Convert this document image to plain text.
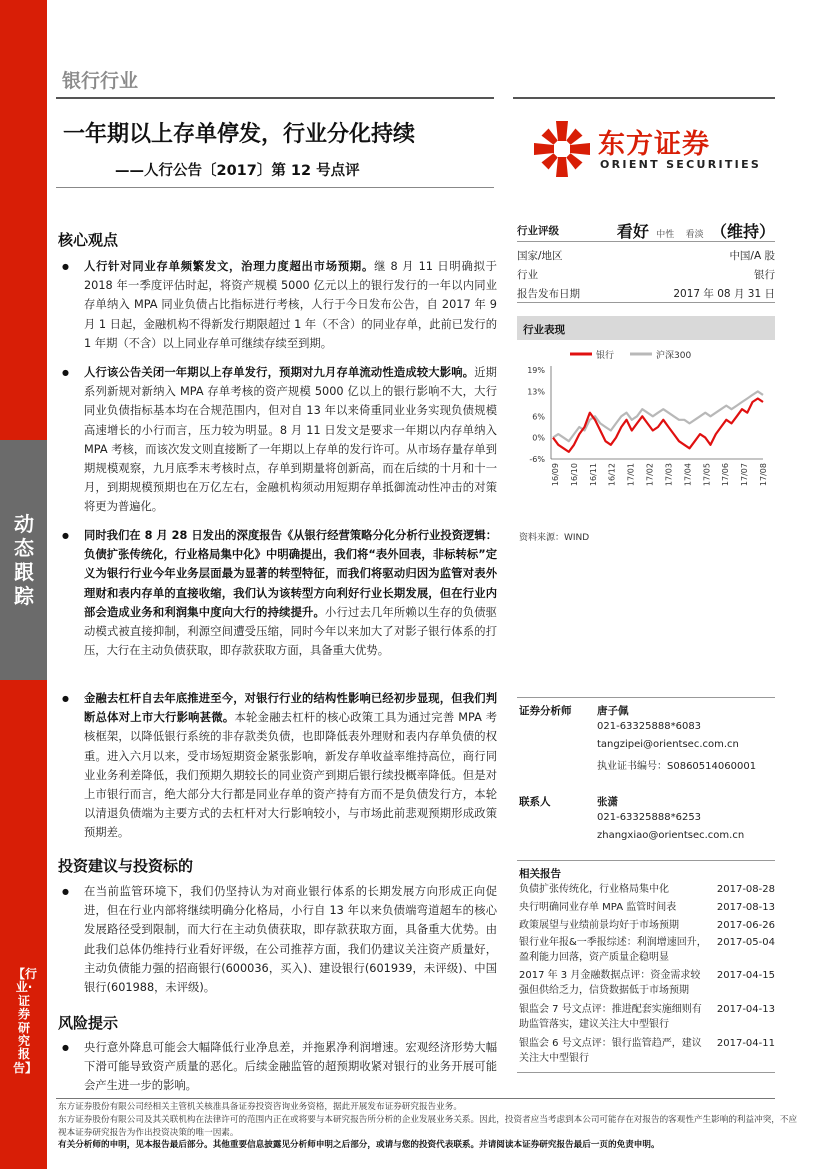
动态跟踪
【行业·证券研究报告】
银行行业
一年期以上存单停发，行业分化持续
——人行公告〔2017〕第 12 号点评
东方证券
ORIENT SECURITIES
核心观点
● 人行针对同业存单频繁发文，治理力度超出市场预期。继 8 月 11 日明确拟于 2018 年一季度评估时起，将资产规模 5000 亿元以上的银行发行的一年以内同业存单纳入 MPA 同业负债占比指标进行考核，人行于今日发布公告，自 2017 年 9 月 1 日起，金融机构不得新发行期限超过 1 年（不含）的同业存单，此前已发行的 1 年期（不含）以上同业存单可继续存续至到期。
● 人行该公告关闭一年期以上存单发行，预期对九月存单流动性造成较大影响。近期系列新规对新纳入 MPA 存单考核的资产规模 5000 亿以上的银行影响不大，大行同业负债指标基本均在合规范围内，但对自 13 年以来倚重同业业务实现负债规模高速增长的小行而言，压力较为明显。8 月 11 日发文是要求一年期以内存单纳入 MPA 考核，而该次发文则直接断了一年期以上存单的发行许可。从市场存量存单到期规模观察，九月底季末考核时点，存单到期量将创新高，而在后续的十月和十一月，到期规模预期也在万亿左右，金融机构须动用短期存单抵御流动性冲击的对策将更为普遍化。
● 同时我们在 8 月 28 日发出的深度报告《从银行经营策略分化分析行业投资逻辑：负债扩张传统化，行业格局集中化》中明确提出，我们将“表外回表，非标转标”定义为银行行业今年业务层面最为显著的转型特征，而我们将驱动归因为监管对表外理财和表内存单的直接收缩，我们认为该转型方向利好行业长期发展，但在行业内部会造成业务和利润集中度向大行的持续提升。小行过去几年所赖以生存的负债驱动模式被直接抑制，利源空间遭受压缩，同时今年以来加大了对影子银行体系的打压，大行在主动负债获取，即存款获取方面，具备重大优势。
● 金融去杠杆自去年底推进至今，对银行行业的结构性影响已经初步显现，但我们判断总体对上市大行影响甚微。本轮金融去杠杆的核心政策工具为通过完善 MPA 考核框架，以降低银行系统的非存款类负债，也即降低表外理财和表内存单负债的权重。进入六月以来，受市场短期资金紧张影响，新发存单收益率维持高位，商行同业业务利差降低，我们预期久期较长的同业资产到期后银行续投概率降低。但是对上市银行而言，绝大部分大行都是同业存单的资产持有方而不是负债发行方，本轮以清退负债端为主要方式的去杠杆对大行影响较小，与市场此前悲观预期形成政策预期差。
投资建议与投资标的
● 在当前监管环境下，我们仍坚持认为对商业银行体系的长期发展方向形成正向促进，但在行业内部将继续明确分化格局，小行自 13 年以来负债端弯道超车的核心发展路径受到限制，而大行在主动负债获取，即存款获取方面，具备重大优势。由此我们总体仍维持行业看好评级，在公司推荐方面，我们仍建议关注资产质量好，主动负债能力强的招商银行(600036，买入)、建设银行(601939，未评级)、中国银行(601988，未评级)。
风险提示
● 央行意外降息可能会大幅降低行业净息差，并拖累净利润增速。宏观经济形势大幅下滑可能导致资产质量的恶化。后续金融监管的超预期收紧对银行的业务开展可能会产生进一步的影响。
行业评级	看好 中性 看淡 （维持）
国家/地区	中国/A 股
行业	银行
报告发布日期	2017 年 08 月 31 日
行业表现
银行	沪深300
19%
13%
6%
0%
-6%
16/09 16/10 16/11 16/12 17/01 17/02 17/03 17/04 17/05 17/06 17/07 17/08
资料来源：WIND
证券分析师 唐子佩
021-63325888*6083
tangzipei@orientsec.com.cn
执业证书编号：S0860514060001
联系人	张潇
021-63325888*6253
zhangxiao@orientsec.com.cn
相关报告
负债扩张传统化，行业格局集中化	2017-08-28
央行明确同业存单 MPA 监管时间表	2017-08-13
政策展望与业绩前景均好于市场预期	2017-06-26
银行业年报&一季报综述：利润增速回升，盈利能力回落，资产质量企稳明显
2017-05-04
2017 年 3 月金融数据点评：资金需求较强但供给乏力，信贷数据低于市场预期
2017-04-15
银监会 7 号文点评：推进配套实施细则有助监管落实，建议关注大中型银行
2017-04-13
银监会 6 号文点评：银行监管趋严，建议关注大中型银行
2017-04-11
东方证券股份有限公司经相关主管机关核准具备证券投资咨询业务资格，据此开展发布证券研究报告业务。
东方证券股份有限公司及其关联机构在法律许可的范围内正在或将要与本研究报告所分析的企业发展业务关系。因此，投资者应当考虑到本公司可能存在对报告的客观性产生影响的利益冲突，不应视本证券研究报告为作出投资决策的唯一因素。
有关分析师的申明，见本报告最后部分。其他重要信息披露见分析师申明之后部分，或请与您的投资代表联系。并请阅读本证券研究报告最后一页的免责申明。
